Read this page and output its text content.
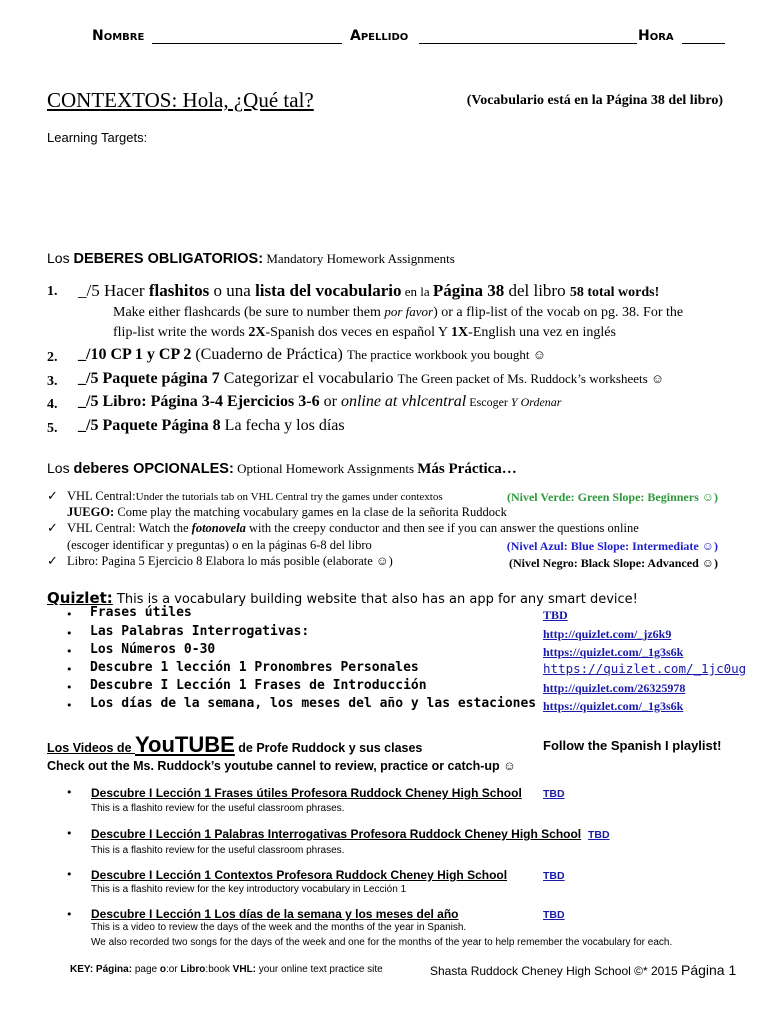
Nombre	Apellido	Hora
CONTEXTOS: Hola, ¿Qué tal?	(Vocabulario está en la Página 38 del libro)
Learning Targets:
Los DEBERES OBLIGATORIOS: Mandatory Homework Assignments
1. _/5 Hacer flashitos o una lista del vocabulario en la Página 38 del libro 58 total words!
Make either flashcards (be sure to number them por favor) or a flip-list of the vocab on pg. 38. For the
flip-list write the words 2X-Spanish dos veces en español Y 1X-English una vez en inglés
2. _/10 CP 1 y CP 2 (Cuaderno de Práctica) The practice workbook you bought ☺
3. _/5 Paquete página 7 Categorizar el vocabulario The Green packet of Ms. Ruddock’s worksheets ☺
4. _/5 Libro: Página 3-4 Ejercicios 3-6 or online at vhlcentral Escoger Y Ordenar
5. _/5 Paquete Página 8 La fecha y los días
Los deberes OPCIONALES: Optional Homework Assignments Más Práctica…
✓ VHL Central:Under the tutorials tab on VHL Central try the games under contextos	(Nivel Verde: Green Slope: Beginners ☺)
JUEGO: Come play the matching vocabulary games en la clase de la señorita Ruddock
✓ VHL Central: Watch the fotonovela with the creepy conductor and then see if you can answer the questions online
(escoger identificar y preguntas) o en la páginas 6-8 del libro	(Nivel Azul: Blue Slope: Intermediate ☺)
✓ Libro: Pagina 5 Ejercicio 8 Elabora lo más posible (elaborate ☺)	(Nivel Negro: Black Slope: Advanced ☺)
Quizlet: This is a vocabulary building website that also has an app for any smart device!
• Frases útiles	TBD
• Las Palabras Interrogativas:	http://quizlet.com/_jz6k9
• Los Números 0-30	https://quizlet.com/_1g3s6k
• Descubre 1 lección 1 Pronombres Personales	https://quizlet.com/_1jc0ug
• Descubre I Lección 1 Frases de Introducción	http://quizlet.com/26325978
• Los días de la semana, los meses del año y las estaciones https://quizlet.com/_1g3s6k
Los Videos de YouTUBE de Profe Ruddock y sus clases	Follow the Spanish I playlist!
Check out the Ms. Ruddock’s youtube cannel to review, practice or catch-up ☺
• Descubre I Lección 1 Frases útiles Profesora Ruddock Cheney High School TBD
This is a flashito review for the useful classroom phrases.
• Descubre I Lección 1 Palabras Interrogativas Profesora Ruddock Cheney High School TBD
This is a flashito review for the useful classroom phrases.
• Descubre I Lección 1 Contextos Profesora Ruddock Cheney High School	TBD
This is a flashito review for the key introductory vocabulary in Lección 1
• Descubre I Lección 1 Los días de la semana y los meses del año	TBD
This is a video to review the days of the week and the months of the year in Spanish.
We also recorded two songs for the days of the week and one for the months of the year to help remember the vocabulary for each.
KEY: Página: page o:or Libro:book VHL: your online text practice site	Shasta Ruddock Cheney High School ©* 2015 Página 1
